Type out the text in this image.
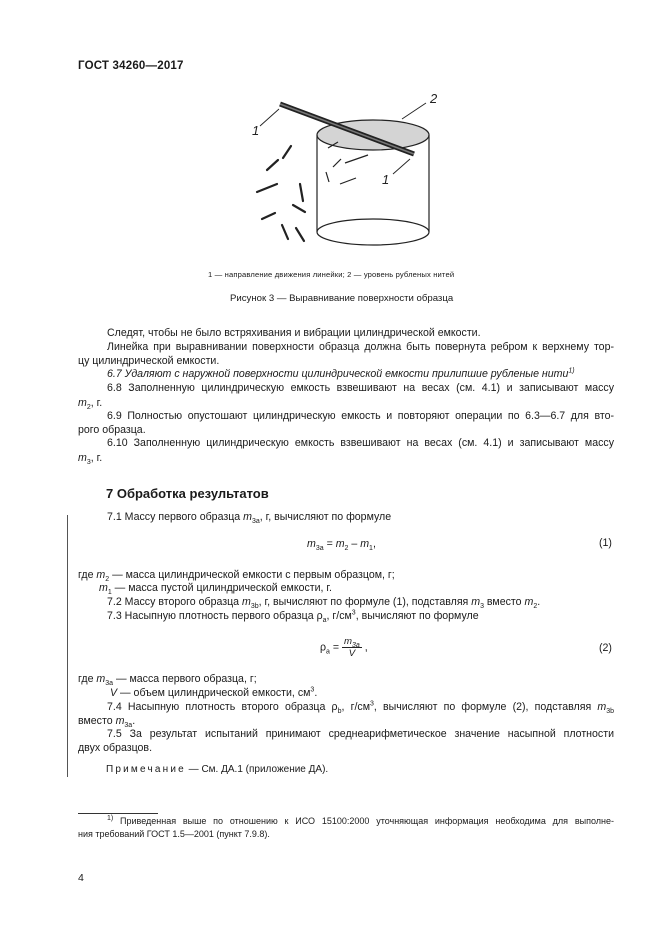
ГОСТ 34260—2017
1
2
1
1 — направление движения линейки; 2 — уровень рубленых нитей
Рисунок 3 — Выравнивание поверхности образца
Следят, чтобы не было встряхивания и вибрации цилиндрической емкости.
Линейка при выравнивании поверхности образца должна быть повернута ребром к верхнему тор-
цу цилиндрической емкости.
6.7 Удаляют с наружной поверхности цилиндрической емкости прилипшие рубленые нити$^{1)}$
6.8 Заполненную цилиндрическую емкость взвешивают на весах (см. 4.1) и записывают массу
$m_2$, г.
6.9 Полностью опустошают цилиндрическую емкость и повторяют операции по 6.3—6.7 для вто-
рого образца.
6.10 Заполненную цилиндрическую емкость взвешивают на весах (см. 4.1) и записывают массу
$m_3$, г.
7 Обработка результатов
7.1 Массу первого образца $m_{3a}$, г, вычисляют по формуле
$m_{3a} = m_2 - m_1$,	(1)
где $m_2$ — масса цилиндрической емкости с первым образцом, г;
$m_1$ — масса пустой цилиндрической емкости, г.
7.2 Массу второго образца $m_{3b}$, г, вычисляют по формуле (1), подставляя $m_3$ вместо $m_2$.
7.3 Насыпную плотность первого образца $\rho_a$, $г/см^3$, вычисляют по формуле
$\rho_a = \frac{m_{3a}}{V}$ ,	(2)
где $m_{3a}$ — масса первого образца, г;
V — объем цилиндрической емкости, $см^3$.
7.4 Насыпную плотность второго образца $\rho_b$, $г/см^3$, вычисляют по формуле (2), подставляя $m_{3b}$
вместо $m_{3a}$.
7.5 За результат испытаний принимают среднеарифметическое значение насыпной плотности
двух образцов.
Примечание — См. ДА.1 (приложение ДА).
$^{1)}$ Приведенная выше по отношению к ИСО 15100:2000 уточняющая информация необходима для выполне-
ния требований ГОСТ 1.5—2001 (пункт 7.9.8).
4
